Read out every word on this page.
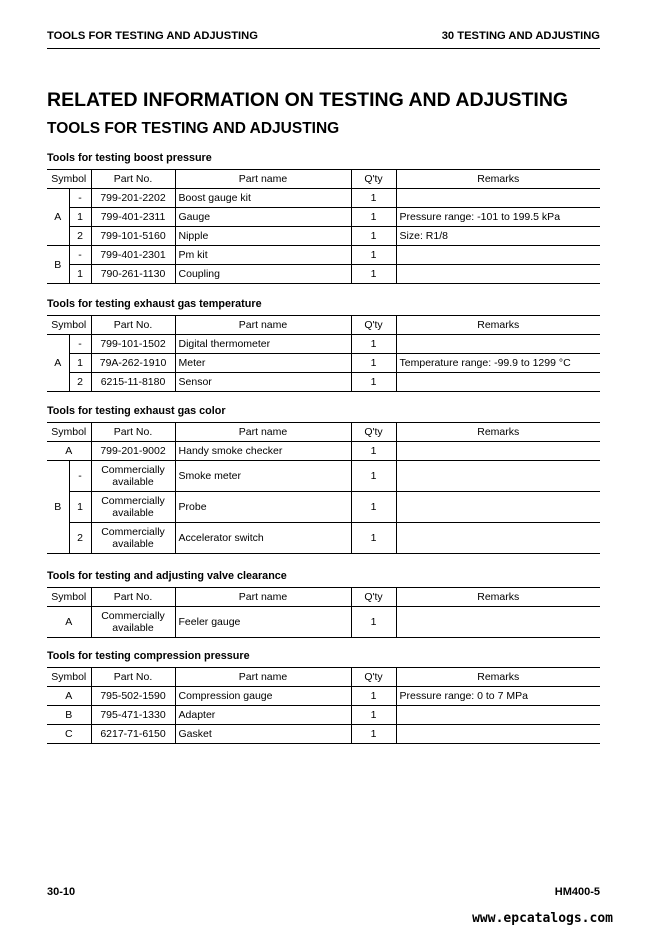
TOOLS FOR TESTING AND ADJUSTING	30 TESTING AND ADJUSTING
RELATED INFORMATION ON TESTING AND ADJUSTING
TOOLS FOR TESTING AND ADJUSTING
Tools for testing boost pressure
Symbol		Part No.	Part name	Q'ty	Remarks
A	-	799-201-2202	Boost gauge kit	1	
	1	799-401-2311	Gauge	1	Pressure range: -101 to 199.5 kPa
	2	799-101-5160	Nipple	1	Size: R1/8
B	-	799-401-2301	Pm kit	1	
	1	790-261-1130	Coupling	1	
Tools for testing exhaust gas temperature
Symbol		Part No.	Part name	Q'ty	Remarks
A	-	799-101-1502	Digital thermometer	1	
	1	79A-262-1910	Meter	1	Temperature range: -99.9 to 1299 °C
	2	6215-11-8180	Sensor	1	
Tools for testing exhaust gas color
Symbol		Part No.	Part name	Q'ty	Remarks
A		799-201-9002	Handy smoke checker	1	
B	-	Commercially available	Smoke meter	1	
	1	Commercially available	Probe	1	
	2	Commercially available	Accelerator switch	1	
Tools for testing and adjusting valve clearance
Symbol	Part No.	Part name	Q'ty	Remarks
A	Commercially available	Feeler gauge	1	
Tools for testing compression pressure
Symbol	Part No.	Part name	Q'ty	Remarks
A	795-502-1590	Compression gauge	1	Pressure range: 0 to 7 MPa
B	795-471-1330	Adapter	1	
C	6217-71-6150	Gasket	1	
30-10	HM400-5
www.epcatalogs.com
